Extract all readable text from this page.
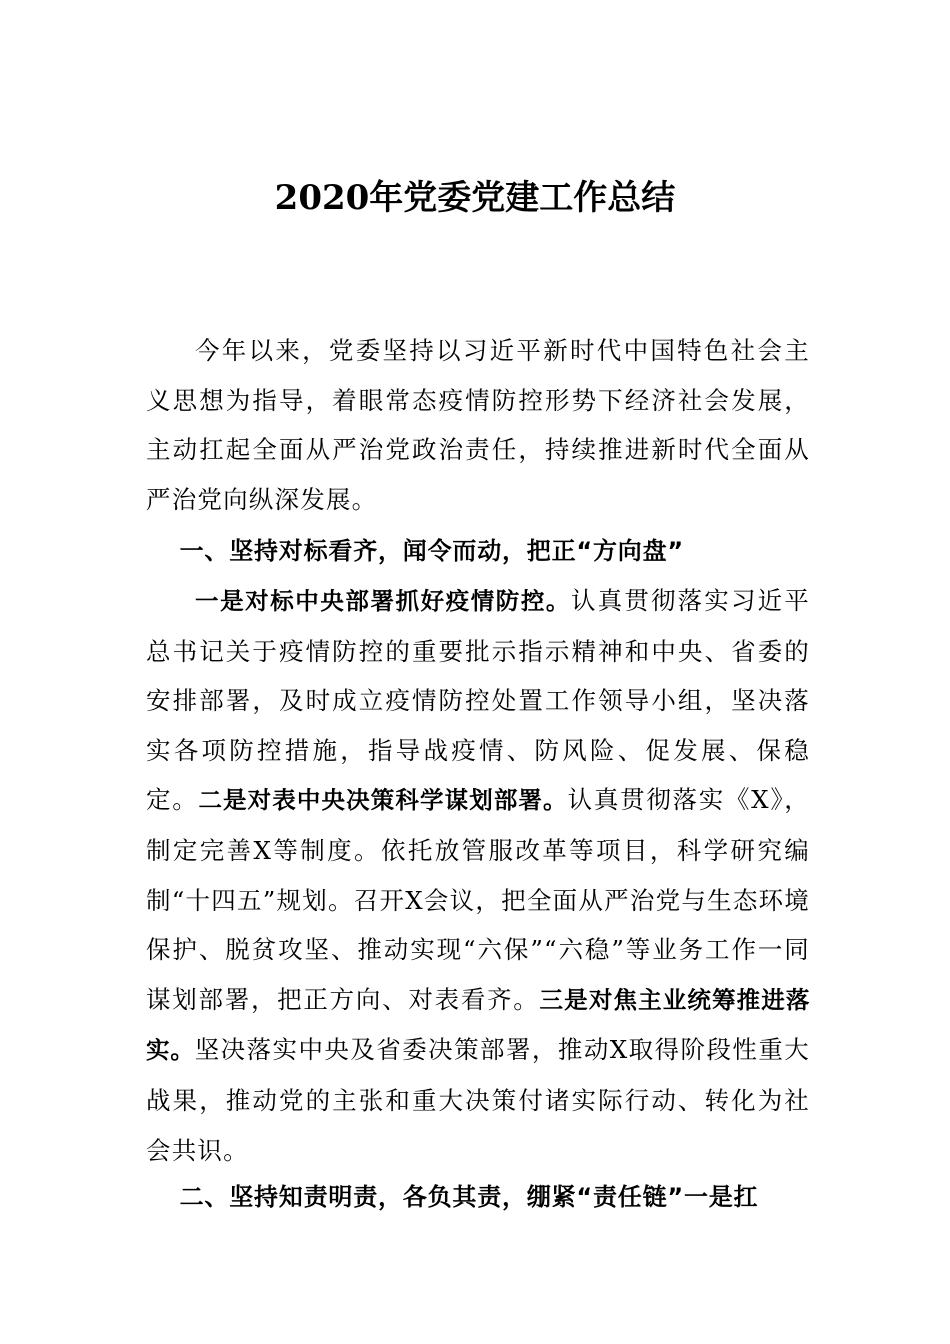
2020年党委党建工作总结

今年以来，党委坚持以习近平新时代中国特色社会主义思想为指导，着眼常态疫情防控形势下经济社会发展，主动扛起全面从严治党政治责任，持续推进新时代全面从严治党向纵深发展。

一、坚持对标看齐，闻令而动，把正“方向盘”

一是对标中央部署抓好疫情防控。认真贯彻落实习近平总书记关于疫情防控的重要批示指示精神和中央、省委的安排部署，及时成立疫情防控处置工作领导小组，坚决落实各项防控措施，指导战疫情、防风险、促发展、保稳定。二是对表中央决策科学谋划部署。认真贯彻落实《X》，制定完善X等制度。依托放管服改革等项目，科学研究编制“十四五”规划。召开X会议，把全面从严治党与生态环境保护、脱贫攻坚、推动实现“六保”“六稳”等业务工作一同谋划部署，把正方向、对表看齐。三是对焦主业统筹推进落实。坚决落实中央及省委决策部署，推动X取得阶段性重大战果，推动党的主张和重大决策付诸实际行动、转化为社会共识。

二、坚持知责明责，各负其责，绷紧“责任链”一是扛
